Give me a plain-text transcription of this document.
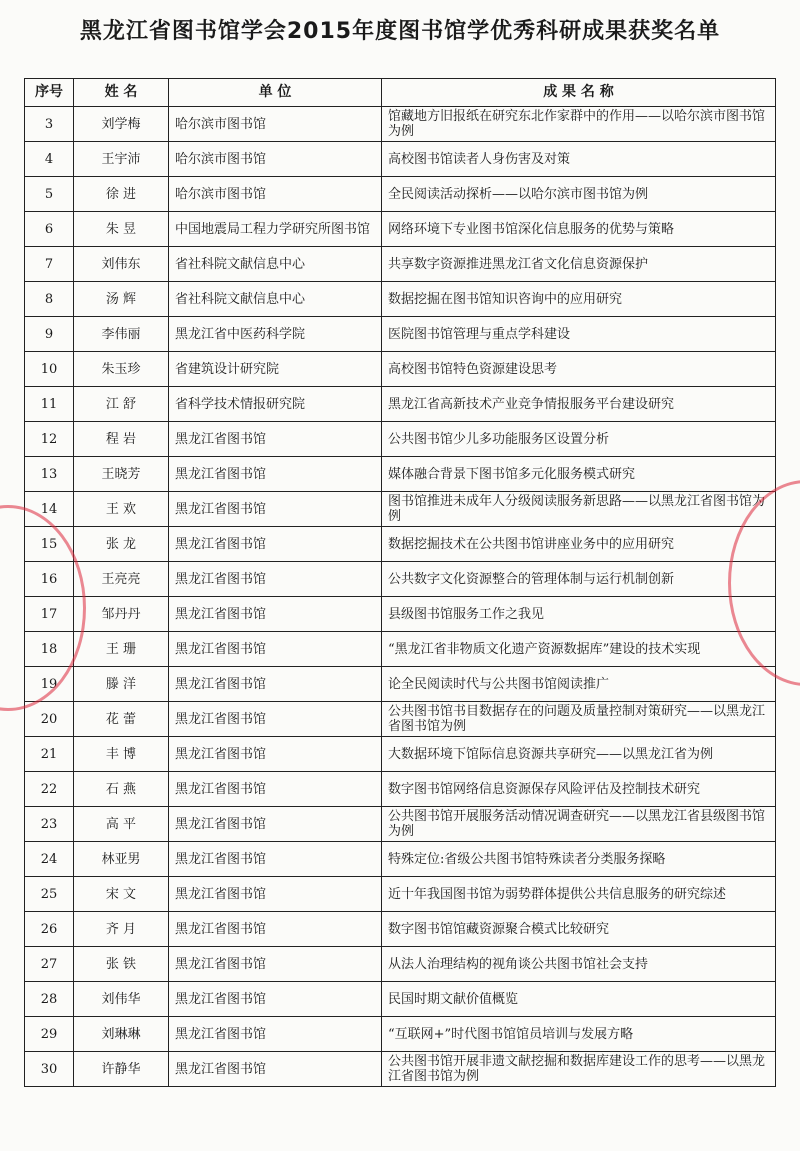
黑龙江省图书馆学会2015年度图书馆学优秀科研成果获奖名单
序号	姓 名	单 位	成 果 名 称
3	刘学梅	哈尔滨市图书馆	馆藏地方旧报纸在研究东北作家群中的作用——以哈尔滨市图书馆为例
4	王宇沛	哈尔滨市图书馆	高校图书馆读者人身伤害及对策
5	徐 进	哈尔滨市图书馆	全民阅读活动探析——以哈尔滨市图书馆为例
6	朱 昱	中国地震局工程力学研究所图书馆	网络环境下专业图书馆深化信息服务的优势与策略
7	刘伟东	省社科院文献信息中心	共享数字资源推进黑龙江省文化信息资源保护
8	汤 辉	省社科院文献信息中心	数据挖掘在图书馆知识咨询中的应用研究
9	李伟丽	黑龙江省中医药科学院	医院图书馆管理与重点学科建设
10	朱玉珍	省建筑设计研究院	高校图书馆特色资源建设思考
11	江 舒	省科学技术情报研究院	黑龙江省高新技术产业竞争情报服务平台建设研究
12	程 岩	黑龙江省图书馆	公共图书馆少儿多功能服务区设置分析
13	王晓芳	黑龙江省图书馆	媒体融合背景下图书馆多元化服务模式研究
14	王 欢	黑龙江省图书馆	图书馆推进未成年人分级阅读服务新思路——以黑龙江省图书馆为例
15	张 龙	黑龙江省图书馆	数据挖掘技术在公共图书馆讲座业务中的应用研究
16	王亮亮	黑龙江省图书馆	公共数字文化资源整合的管理体制与运行机制创新
17	邹丹丹	黑龙江省图书馆	县级图书馆服务工作之我见
18	王 珊	黑龙江省图书馆	“黑龙江省非物质文化遗产资源数据库”建设的技术实现
19	滕 洋	黑龙江省图书馆	论全民阅读时代与公共图书馆阅读推广
20	花 蕾	黑龙江省图书馆	公共图书馆书目数据存在的问题及质量控制对策研究——以黑龙江省图书馆为例
21	丰 博	黑龙江省图书馆	大数据环境下馆际信息资源共享研究——以黑龙江省为例
22	石 燕	黑龙江省图书馆	数字图书馆网络信息资源保存风险评估及控制技术研究
23	高 平	黑龙江省图书馆	公共图书馆开展服务活动情况调查研究——以黑龙江省县级图书馆为例
24	林亚男	黑龙江省图书馆	特殊定位:省级公共图书馆特殊读者分类服务探略
25	宋 文	黑龙江省图书馆	近十年我国图书馆为弱势群体提供公共信息服务的研究综述
26	齐 月	黑龙江省图书馆	数字图书馆馆藏资源聚合模式比较研究
27	张 铁	黑龙江省图书馆	从法人治理结构的视角谈公共图书馆社会支持
28	刘伟华	黑龙江省图书馆	民国时期文献价值概览
29	刘琳琳	黑龙江省图书馆	“互联网+”时代图书馆馆员培训与发展方略
30	许静华	黑龙江省图书馆	公共图书馆开展非遗文献挖掘和数据库建设工作的思考——以黑龙江省图书馆为例
